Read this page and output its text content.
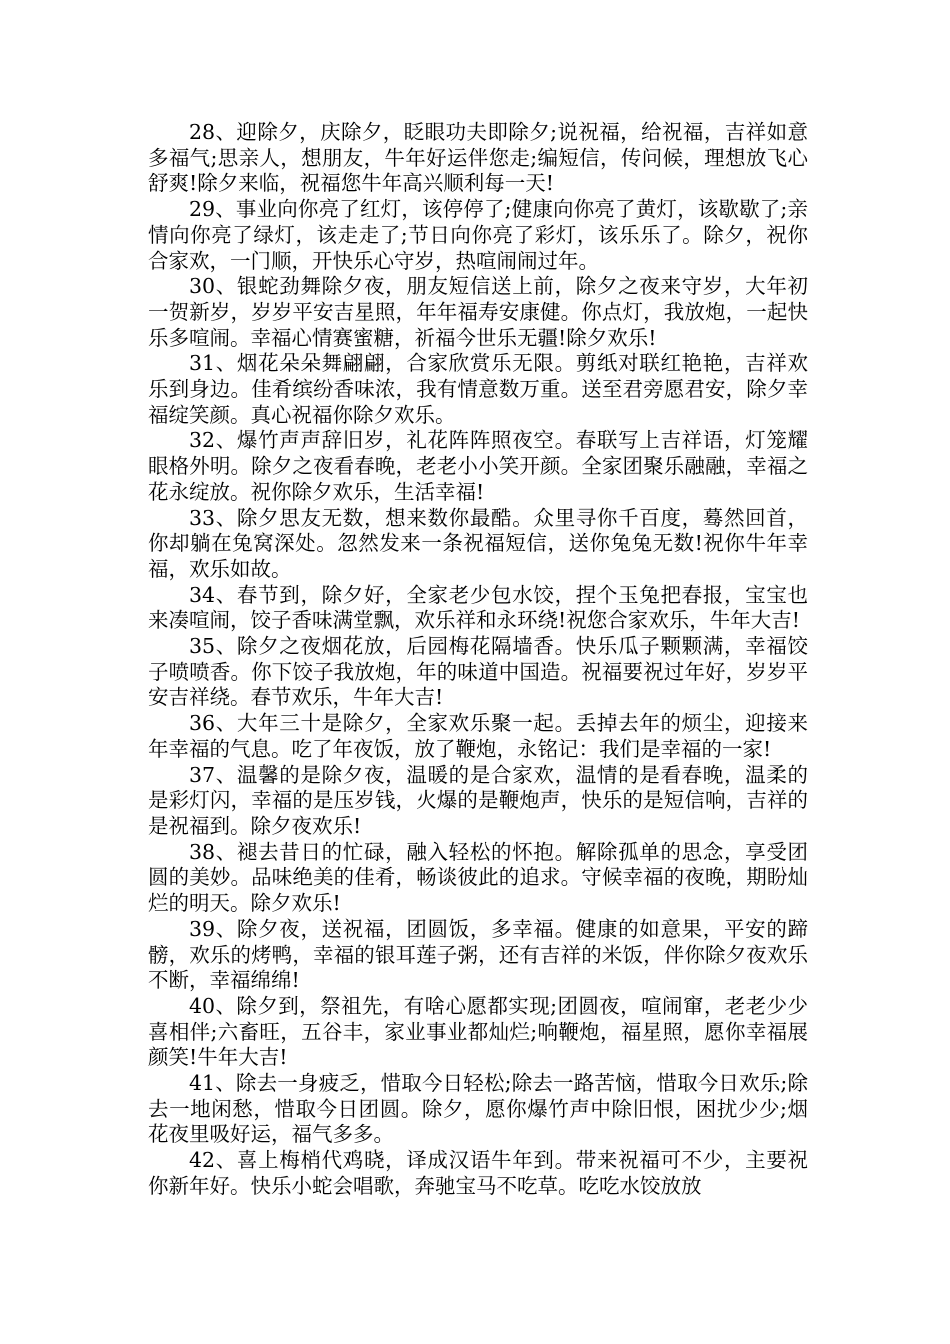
28、迎除夕，庆除夕，眨眼功夫即除夕;说祝福，给祝福，吉祥如意多福气;思亲人，想朋友，牛年好运伴您走;编短信，传问候，理想放飞心舒爽!除夕来临，祝福您牛年高兴顺利每一天!

29、事业向你亮了红灯，该停停了;健康向你亮了黄灯，该歇歇了;亲情向你亮了绿灯，该走走了;节日向你亮了彩灯，该乐乐了。除夕，祝你合家欢，一门顺，开快乐心守岁，热喧闹闹过年。

30、银蛇劲舞除夕夜，朋友短信送上前，除夕之夜来守岁，大年初一贺新岁，岁岁平安吉星照，年年福寿安康健。你点灯，我放炮，一起快乐多喧闹。幸福心情赛蜜糖，祈福今世乐无疆!除夕欢乐!

31、烟花朵朵舞翩翩，合家欣赏乐无限。剪纸对联红艳艳，吉祥欢乐到身边。佳肴缤纷香味浓，我有情意数万重。送至君旁愿君安，除夕幸福绽笑颜。真心祝福你除夕欢乐。

32、爆竹声声辞旧岁，礼花阵阵照夜空。春联写上吉祥语，灯笼耀眼格外明。除夕之夜看春晚，老老小小笑开颜。全家团聚乐融融，幸福之花永绽放。祝你除夕欢乐，生活幸福!

33、除夕思友无数，想来数你最酷。众里寻你千百度，蓦然回首，你却躺在兔窝深处。忽然发来一条祝福短信，送你兔兔无数!祝你牛年幸福，欢乐如故。

34、春节到，除夕好，全家老少包水饺，捏个玉兔把春报，宝宝也来凑喧闹，饺子香味满堂飘，欢乐祥和永环绕!祝您合家欢乐，牛年大吉!

35、除夕之夜烟花放，后园梅花隔墙香。快乐瓜子颗颗满，幸福饺子喷喷香。你下饺子我放炮，年的味道中国造。祝福要祝过年好，岁岁平安吉祥绕。春节欢乐，牛年大吉!

36、大年三十是除夕，全家欢乐聚一起。丢掉去年的烦尘，迎接来年幸福的气息。吃了年夜饭，放了鞭炮，永铭记：我们是幸福的一家!

37、温馨的是除夕夜，温暖的是合家欢，温情的是看春晚，温柔的是彩灯闪，幸福的是压岁钱，火爆的是鞭炮声，快乐的是短信响，吉祥的是祝福到。除夕夜欢乐!

38、褪去昔日的忙碌，融入轻松的怀抱。解除孤单的思念，享受团圆的美妙。品味绝美的佳肴，畅谈彼此的追求。守候幸福的夜晚，期盼灿烂的明天。除夕欢乐!

39、除夕夜，送祝福，团圆饭，多幸福。健康的如意果，平安的蹄髈，欢乐的烤鸭，幸福的银耳莲子粥，还有吉祥的米饭，伴你除夕夜欢乐不断，幸福绵绵!

40、除夕到，祭祖先，有啥心愿都实现;团圆夜，喧闹窜，老老少少喜相伴;六畜旺，五谷丰，家业事业都灿烂;响鞭炮，福星照，愿你幸福展颜笑!牛年大吉!

41、除去一身疲乏，惜取今日轻松;除去一路苦恼，惜取今日欢乐;除去一地闲愁，惜取今日团圆。除夕，愿你爆竹声中除旧恨，困扰少少;烟花夜里吸好运，福气多多。

42、喜上梅梢代鸡晓，译成汉语牛年到。带来祝福可不少，主要祝你新年好。快乐小蛇会唱歌，奔驰宝马不吃草。吃吃水饺放放
